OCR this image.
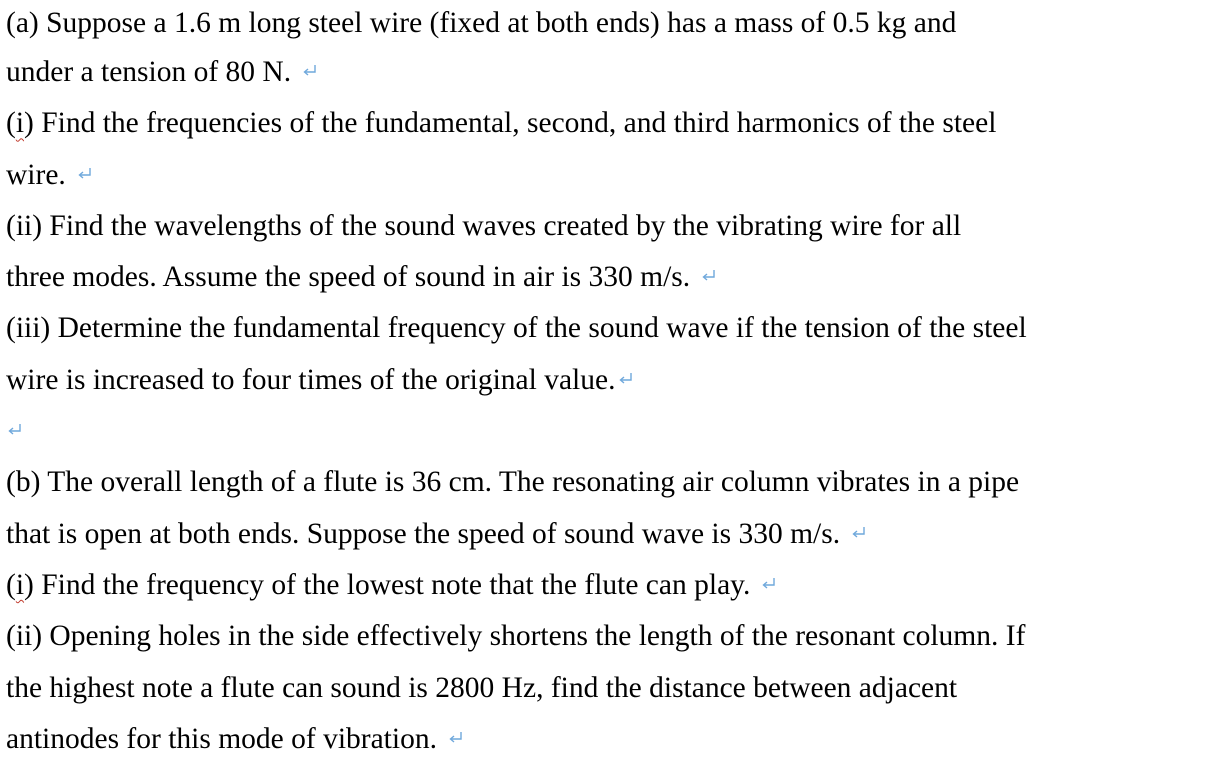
(a) Suppose a 1.6 m long steel wire (fixed at both ends) has a mass of 0.5 kg and
under a tension of 80 N.
(i) Find the frequencies of the fundamental, second, and third harmonics of the steel
wire.
(ii) Find the wavelengths of the sound waves created by the vibrating wire for all
three modes. Assume the speed of sound in air is 330 m/s.
(iii) Determine the fundamental frequency of the sound wave if the tension of the steel
wire is increased to four times of the original value.
(b) The overall length of a flute is 36 cm. The resonating air column vibrates in a pipe
that is open at both ends. Suppose the speed of sound wave is 330 m/s.
(i) Find the frequency of the lowest note that the flute can play.
(ii) Opening holes in the side effectively shortens the length of the resonant column. If
the highest note a flute can sound is 2800 Hz, find the distance between adjacent
antinodes for this mode of vibration.
